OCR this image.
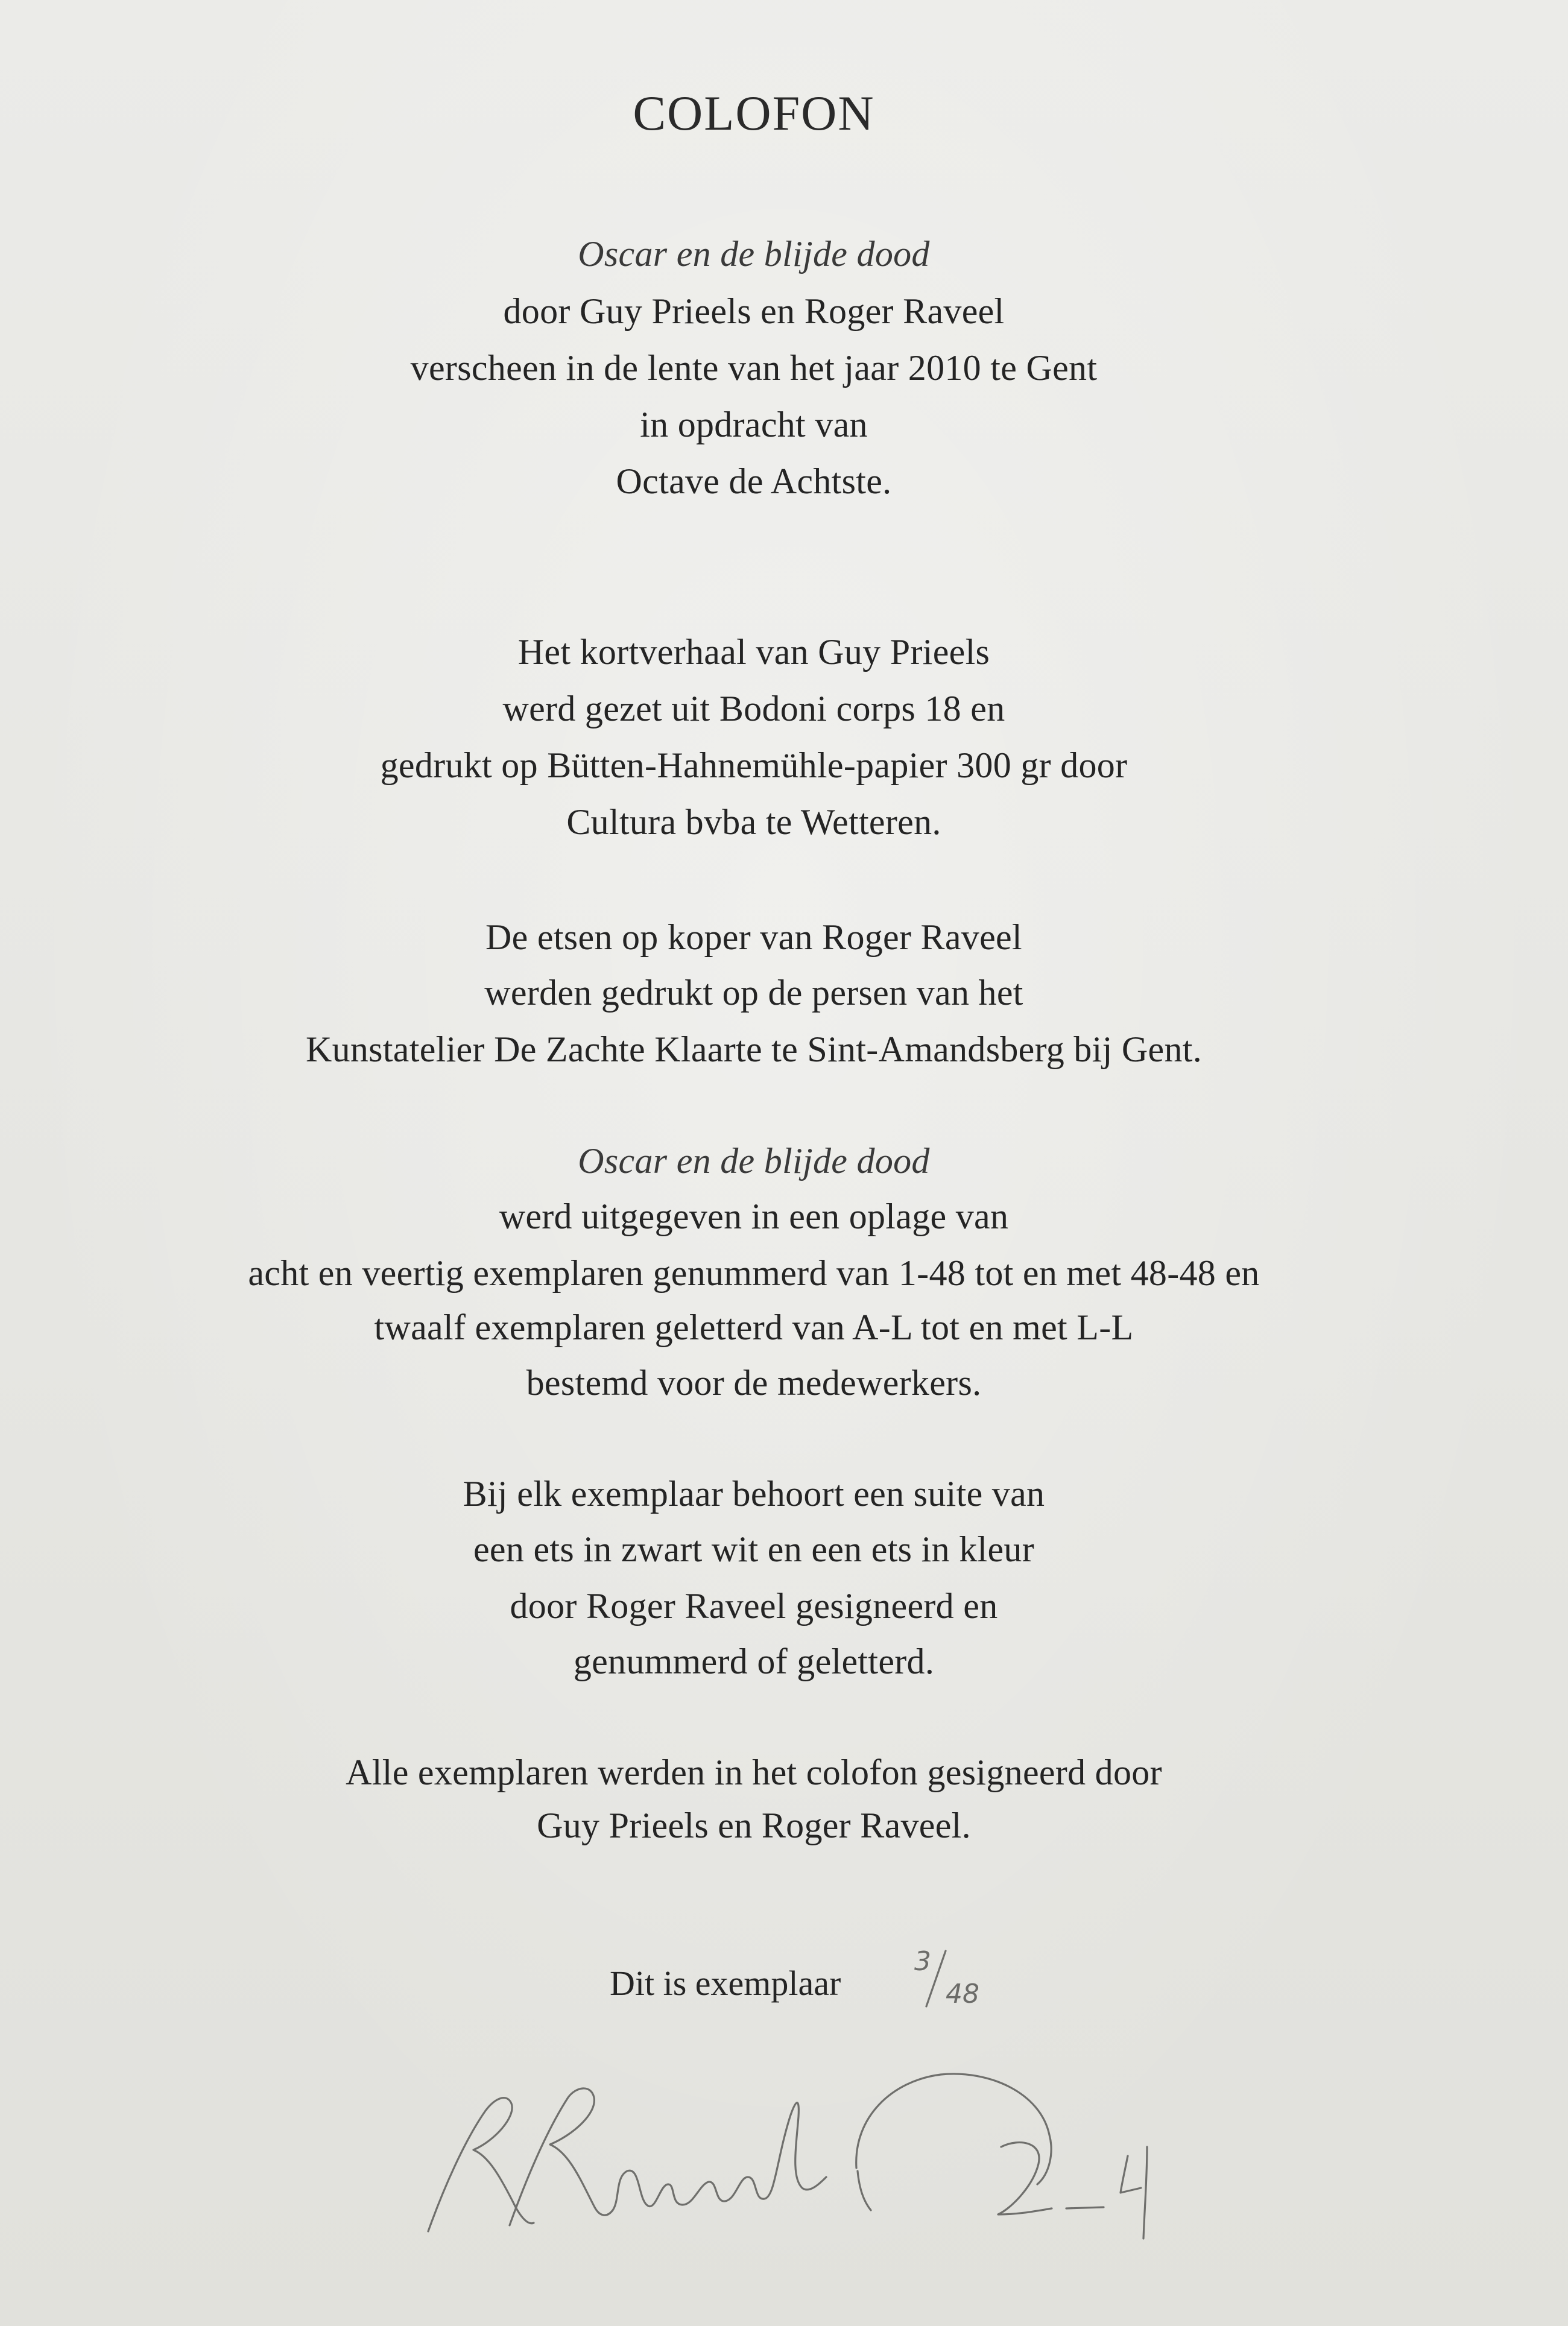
COLOFON
Oscar en de blijde dood
door Guy Prieels en Roger Raveel
verscheen in de lente van het jaar 2010 te Gent
in opdracht van
Octave de Achtste.
Het kortverhaal van Guy Prieels
werd gezet uit Bodoni corps 18 en
gedrukt op Bütten-Hahnemühle-papier 300 gr door
Cultura bvba te Wetteren.
De etsen op koper van Roger Raveel
werden gedrukt op de persen van het
Kunstatelier De Zachte Klaarte te Sint-Amandsberg bij Gent.
Oscar en de blijde dood
werd uitgegeven in een oplage van
acht en veertig exemplaren genummerd van 1-48 tot en met 48-48 en
twaalf exemplaren geletterd van A-L tot en met L-L
bestemd voor de medewerkers.
Bij elk exemplaar behoort een suite van
een ets in zwart wit en een ets in kleur
door Roger Raveel gesigneerd en
genummerd of geletterd.
Alle exemplaren werden in het colofon gesigneerd door
Guy Prieels en Roger Raveel.
Dit is exemplaar
3
48
